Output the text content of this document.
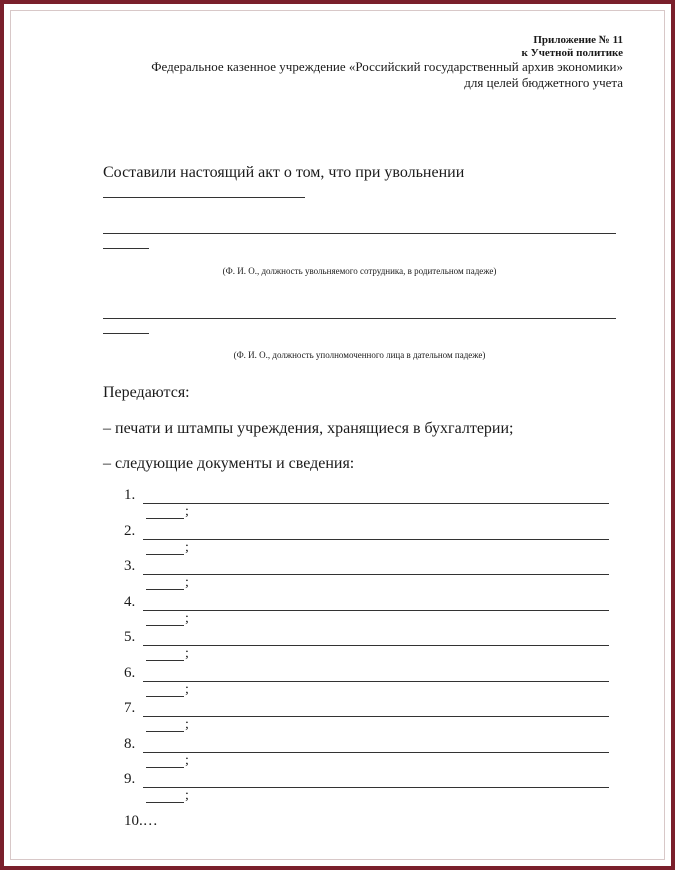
Приложение № 11
к Учетной политике
Федеральное казенное учреждение «Российский государственный архив экономики»
для целей бюджетного учета
Составили настоящий акт о том, что при увольнении
(Ф. И. О., должность увольняемого сотрудника, в родительном падеже)
(Ф. И. О., должность уполномоченного лица в дательном падеже)
Передаются:
– печати и штампы учреждения, хранящиеся в бухгалтерии;
– следующие документы и сведения:
1.
;
2.
;
3.
;
4.
;
5.
;
6.
;
7.
;
8.
;
9.
;
10.…
